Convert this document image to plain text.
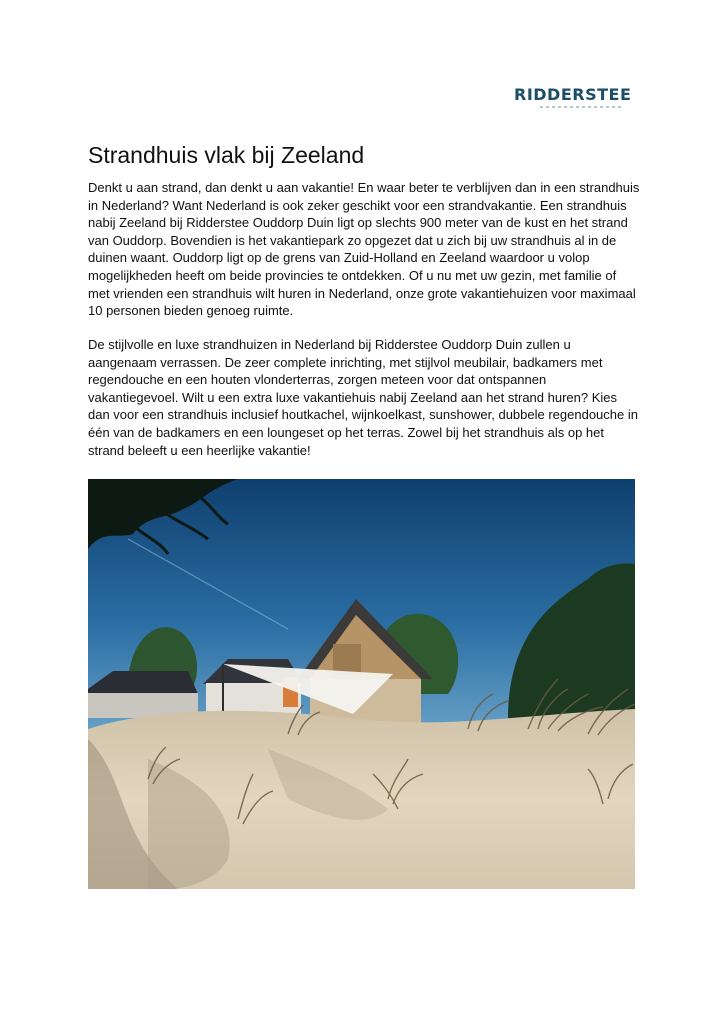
RIDDERSTEE
Strandhuis vlak bij Zeeland

Denkt u aan strand, dan denkt u aan vakantie! En waar beter te verblijven dan in een strandhuis in Nederland? Want Nederland is ook zeker geschikt voor een strandvakantie. Een strandhuis nabij Zeeland bij Ridderstee Ouddorp Duin ligt op slechts 900 meter van de kust en het strand van Ouddorp. Bovendien is het vakantiepark zo opgezet dat u zich bij uw strandhuis al in de duinen waant. Ouddorp ligt op de grens van Zuid-Holland en Zeeland waardoor u volop mogelijkheden heeft om beide provincies te ontdekken. Of u nu met uw gezin, met familie of met vrienden een strandhuis wilt huren in Nederland, onze grote vakantiehuizen voor maximaal 10 personen bieden genoeg ruimte.

De stijlvolle en luxe strandhuizen in Nederland bij Ridderstee Ouddorp Duin zullen u aangenaam verrassen. De zeer complete inrichting, met stijlvol meubilair, badkamers met regendouche en een houten vlonderterras, zorgen meteen voor dat ontspannen vakantiegevoel. Wilt u een extra luxe vakantiehuis nabij Zeeland aan het strand huren? Kies dan voor een strandhuis inclusief houtkachel, wijnkoelkast, sunshower, dubbele regendouche in één van de badkamers en een loungeset op het terras. Zowel bij het strandhuis als op het strand beleeft u een heerlijke vakantie!
